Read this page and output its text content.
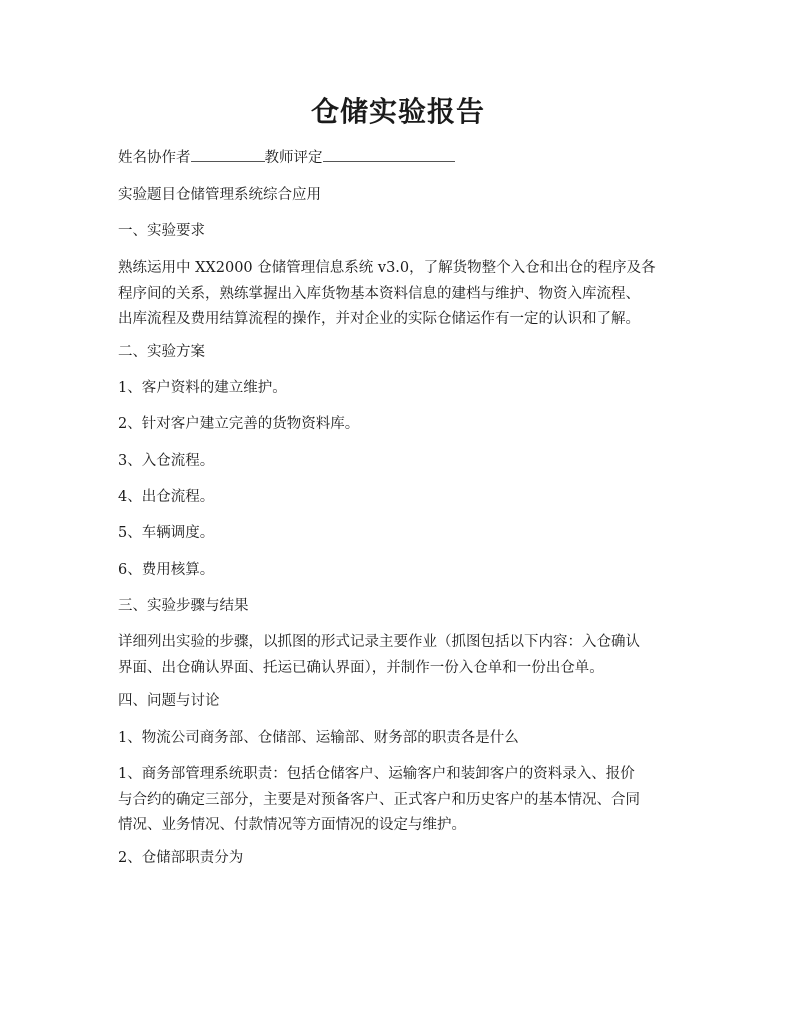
仓储实验报告
姓名协作者	教师评定
实验题目仓储管理系统综合应用
一、实验要求
熟练运用中 XX2000 仓储管理信息系统 v3.0，了解货物整个入仓和出仓的程序及各
程序间的关系，熟练掌握出入库货物基本资料信息的建档与维护、物资入库流程、
出库流程及费用结算流程的操作，并对企业的实际仓储运作有一定的认识和了解。
二、实验方案
1、客户资料的建立维护。
2、针对客户建立完善的货物资料库。
3、入仓流程。
4、出仓流程。
5、车辆调度。
6、费用核算。
三、实验步骤与结果
详细列出实验的步骤，以抓图的形式记录主要作业（抓图包括以下内容：入仓确认
界面、出仓确认界面、托运已确认界面），并制作一份入仓单和一份出仓单。
四、问题与讨论
1、物流公司商务部、仓储部、运输部、财务部的职责各是什么
1、商务部管理系统职责：包括仓储客户、运输客户和装卸客户的资料录入、报价
与合约的确定三部分，主要是对预备客户、正式客户和历史客户的基本情况、合同
情况、业务情况、付款情况等方面情况的设定与维护。
2、仓储部职责分为
